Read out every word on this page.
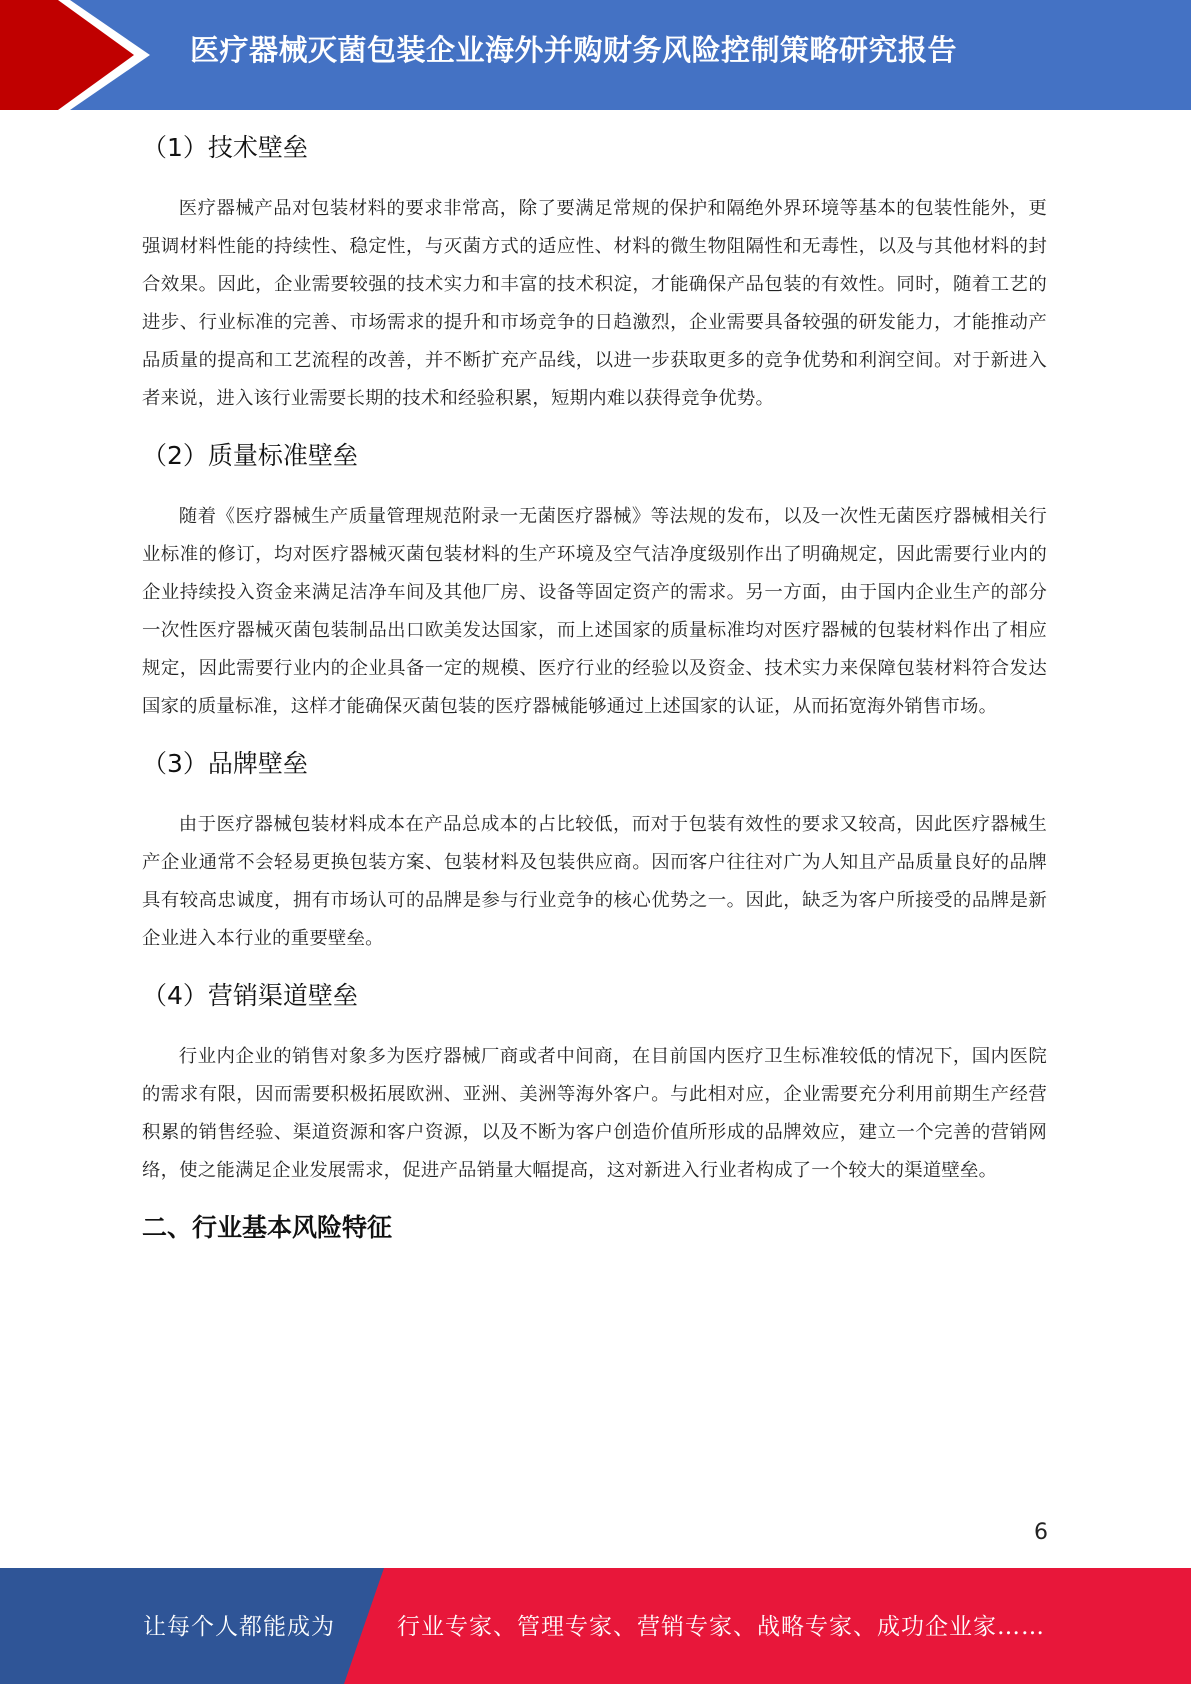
医疗器械灭菌包装企业海外并购财务风险控制策略研究报告
（1）技术壁垒

医疗器械产品对包装材料的要求非常高，除了要满足常规的保护和隔绝外界环境等基本的包装性能外，更强调材料性能的持续性、稳定性，与灭菌方式的适应性、材料的微生物阻隔性和无毒性，以及与其他材料的封合效果。因此，企业需要较强的技术实力和丰富的技术积淀，才能确保产品包装的有效性。同时，随着工艺的进步、行业标准的完善、市场需求的提升和市场竞争的日趋激烈，企业需要具备较强的研发能力，才能推动产品质量的提高和工艺流程的改善，并不断扩充产品线，以进一步获取更多的竞争优势和利润空间。对于新进入者来说，进入该行业需要长期的技术和经验积累，短期内难以获得竞争优势。

（2）质量标准壁垒

随着《医疗器械生产质量管理规范附录一无菌医疗器械》等法规的发布，以及一次性无菌医疗器械相关行业标准的修订，均对医疗器械灭菌包装材料的生产环境及空气洁净度级别作出了明确规定，因此需要行业内的企业持续投入资金来满足洁净车间及其他厂房、设备等固定资产的需求。另一方面，由于国内企业生产的部分一次性医疗器械灭菌包装制品出口欧美发达国家，而上述国家的质量标准均对医疗器械的包装材料作出了相应规定，因此需要行业内的企业具备一定的规模、医疗行业的经验以及资金、技术实力来保障包装材料符合发达国家的质量标准，这样才能确保灭菌包装的医疗器械能够通过上述国家的认证，从而拓宽海外销售市场。

（3）品牌壁垒

由于医疗器械包装材料成本在产品总成本的占比较低，而对于包装有效性的要求又较高，因此医疗器械生产企业通常不会轻易更换包装方案、包装材料及包装供应商。因而客户往往对广为人知且产品质量良好的品牌具有较高忠诚度，拥有市场认可的品牌是参与行业竞争的核心优势之一。因此，缺乏为客户所接受的品牌是新企业进入本行业的重要壁垒。

（4）营销渠道壁垒

行业内企业的销售对象多为医疗器械厂商或者中间商，在目前国内医疗卫生标准较低的情况下，国内医院的需求有限，因而需要积极拓展欧洲、亚洲、美洲等海外客户。与此相对应，企业需要充分利用前期生产经营积累的销售经验、渠道资源和客户资源，以及不断为客户创造价值所形成的品牌效应，建立一个完善的营销网络，使之能满足企业发展需求，促进产品销量大幅提高，这对新进入行业者构成了一个较大的渠道壁垒。

二、行业基本风险特征
6
让每个人都能成为	行业专家、管理专家、营销专家、战略专家、成功企业家……
